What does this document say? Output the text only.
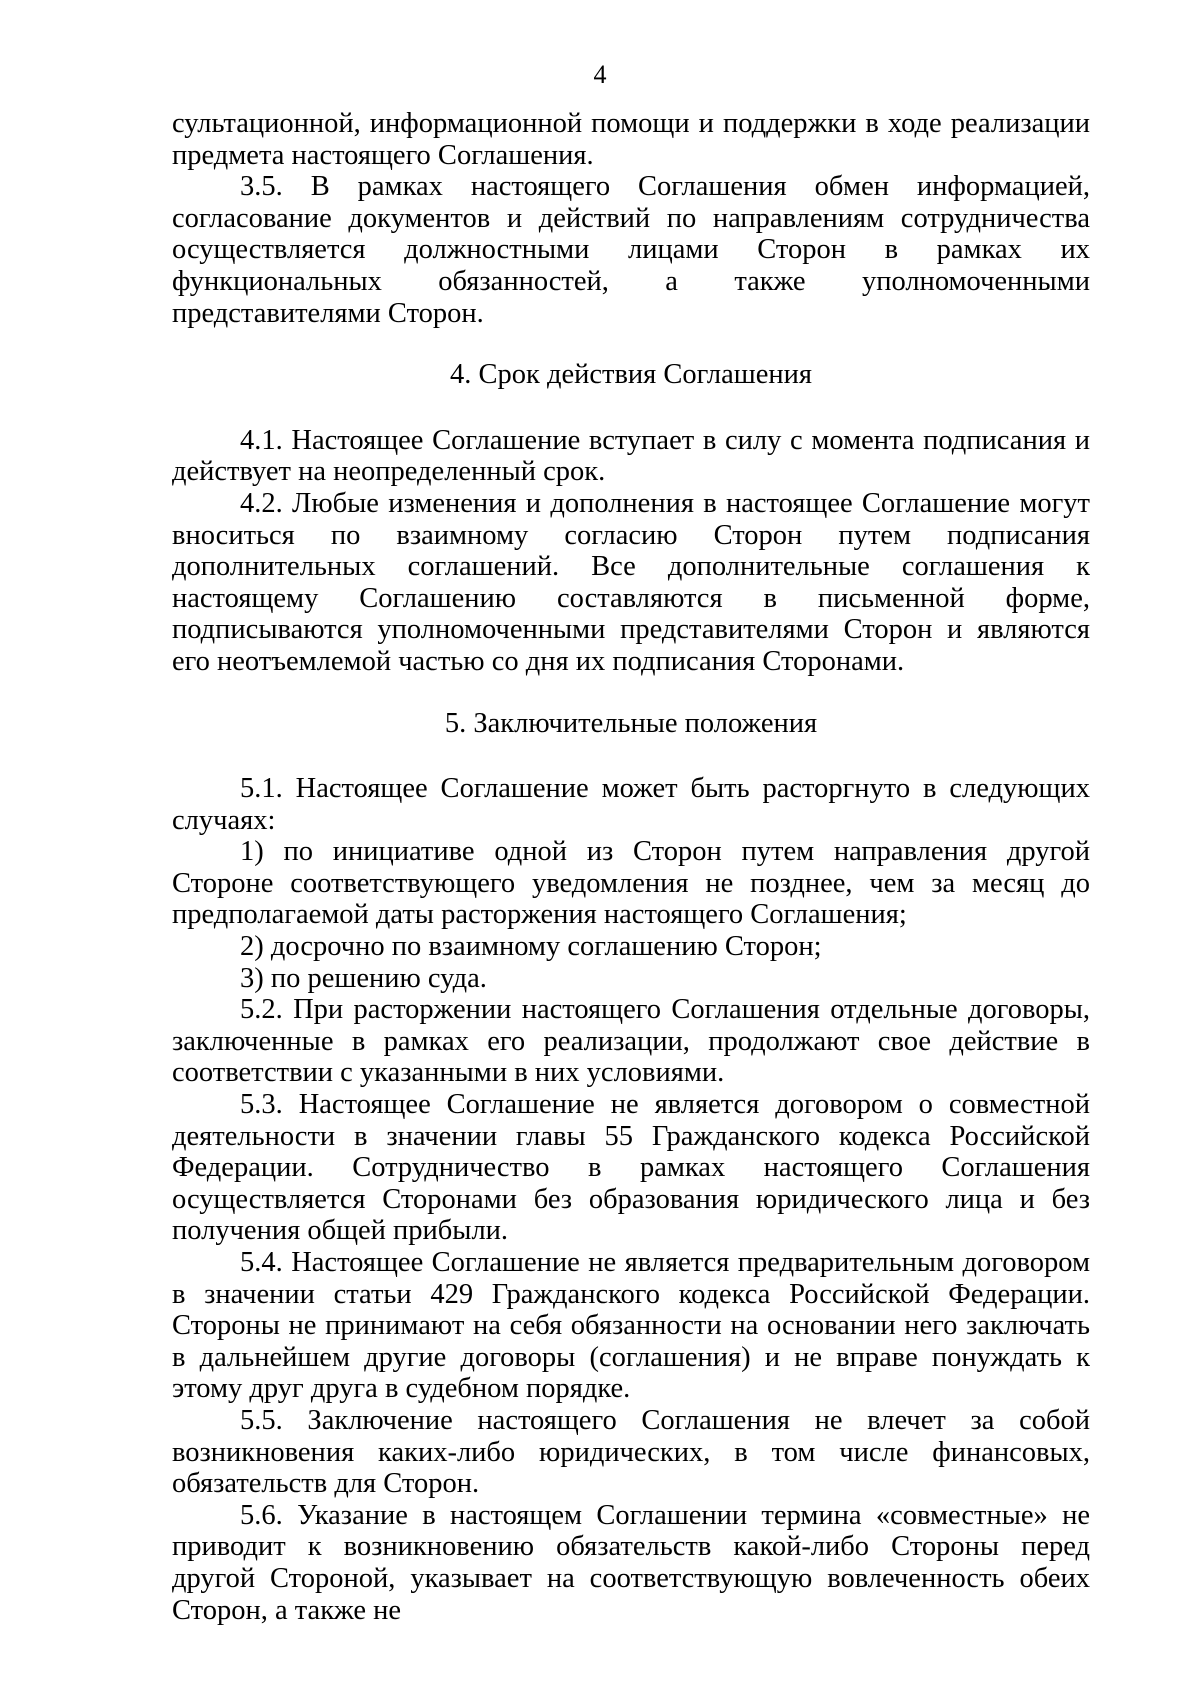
4

сультационной, информационной помощи и поддержки в ходе реализации предмета настоящего Соглашения.

3.5. В рамках настоящего Соглашения обмен информацией, согласование документов и действий по направлениям сотрудничества осуществляется должностными лицами Сторон в рамках их функциональных обязанностей, а также уполномоченными представителями Сторон.

4. Срок действия Соглашения

4.1. Настоящее Соглашение вступает в силу с момента подписания и действует на неопределенный срок.

4.2. Любые изменения и дополнения в настоящее Соглашение могут вноситься по взаимному согласию Сторон путем подписания дополнительных соглашений. Все дополнительные соглашения к настоящему Соглашению составляются в письменной форме, подписываются уполномоченными представителями Сторон и являются его неотъемлемой частью со дня их подписания Сторонами.

5. Заключительные положения

5.1. Настоящее Соглашение может быть расторгнуто в следующих случаях:

1) по инициативе одной из Сторон путем направления другой Стороне соответствующего уведомления не позднее, чем за месяц до предполагаемой даты расторжения настоящего Соглашения;

2) досрочно по взаимному соглашению Сторон;

3) по решению суда.

5.2. При расторжении настоящего Соглашения отдельные договоры, заключенные в рамках его реализации, продолжают свое действие в соответствии с указанными в них условиями.

5.3. Настоящее Соглашение не является договором о совместной деятельности в значении главы 55 Гражданского кодекса Российской Федерации. Сотрудничество в рамках настоящего Соглашения осуществляется Сторонами без образования юридического лица и без получения общей прибыли.

5.4. Настоящее Соглашение не является предварительным договором в значении статьи 429 Гражданского кодекса Российской Федерации. Стороны не принимают на себя обязанности на основании него заключать в дальнейшем другие договоры (соглашения) и не вправе понуждать к этому друг друга в судебном порядке.

5.5. Заключение настоящего Соглашения не влечет за собой возникновения каких-либо юридических, в том числе финансовых, обязательств для Сторон.

5.6. Указание в настоящем Соглашении термина «совместные» не приводит к возникновению обязательств какой-либо Стороны перед другой Стороной, указывает на соответствующую вовлеченность обеих Сторон, а также не
